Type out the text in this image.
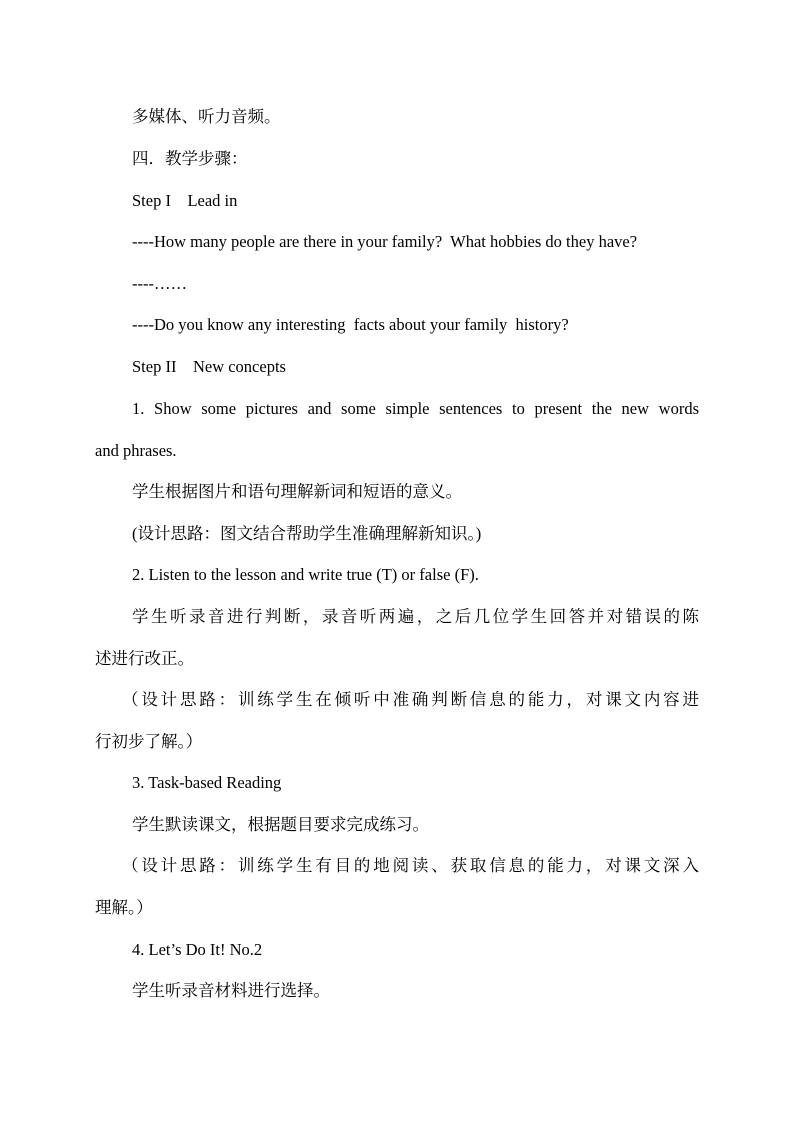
多媒体、听力音频。
四．教学步骤：
Step I    Lead in
----How many people are there in your family?  What hobbies do they have?
----……
----Do you know any interesting  facts about your family  history?
Step II    New concepts
1. Show some pictures and some simple sentences to present the new words
and phrases.
学生根据图片和语句理解新词和短语的意义。
(设计思路：图文结合帮助学生准确理解新知识。)
2. Listen to the lesson and write true (T) or false (F).
学生听录音进行判断，录音听两遍，之后几位学生回答并对错误的陈
述进行改正。
（设计思路：训练学生在倾听中准确判断信息的能力，对课文内容进
行初步了解。）
3. Task-based Reading
学生默读课文，根据题目要求完成练习。
（设计思路：训练学生有目的地阅读、获取信息的能力，对课文深入
理解。）
4. Let’s Do It! No.2
学生听录音材料进行选择。
